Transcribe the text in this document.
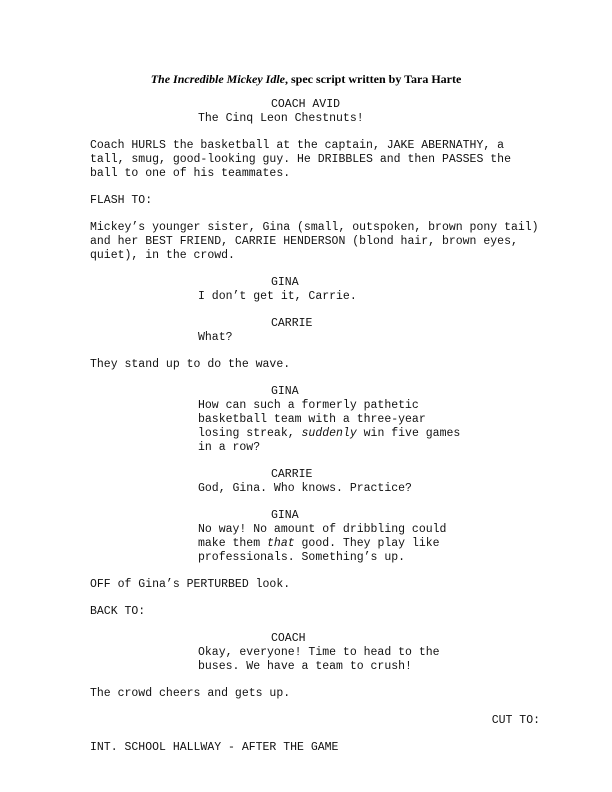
The Incredible Mickey Idle, spec script written by Tara Harte

COACH AVID

The Cinq Leon Chestnuts!

Coach HURLS the basketball at the captain, JAKE ABERNATHY, a

tall, smug, good-looking guy. He DRIBBLES and then PASSES the

ball to one of his teammates.

FLASH TO:

Mickey’s younger sister, Gina (small, outspoken, brown pony tail)

and her BEST FRIEND, CARRIE HENDERSON (blond hair, brown eyes,

quiet), in the crowd.

GINA

I don’t get it, Carrie.

CARRIE

What?

They stand up to do the wave.

GINA

How can such a formerly pathetic

basketball team with a three-year

losing streak, suddenly win five games

in a row?

CARRIE

God, Gina. Who knows. Practice?

GINA

No way! No amount of dribbling could

make them that good. They play like

professionals. Something’s up.

OFF of Gina’s PERTURBED look.

BACK TO:

COACH

Okay, everyone! Time to head to the

buses. We have a team to crush!

The crowd cheers and gets up.

CUT TO:

INT. SCHOOL HALLWAY - AFTER THE GAME
